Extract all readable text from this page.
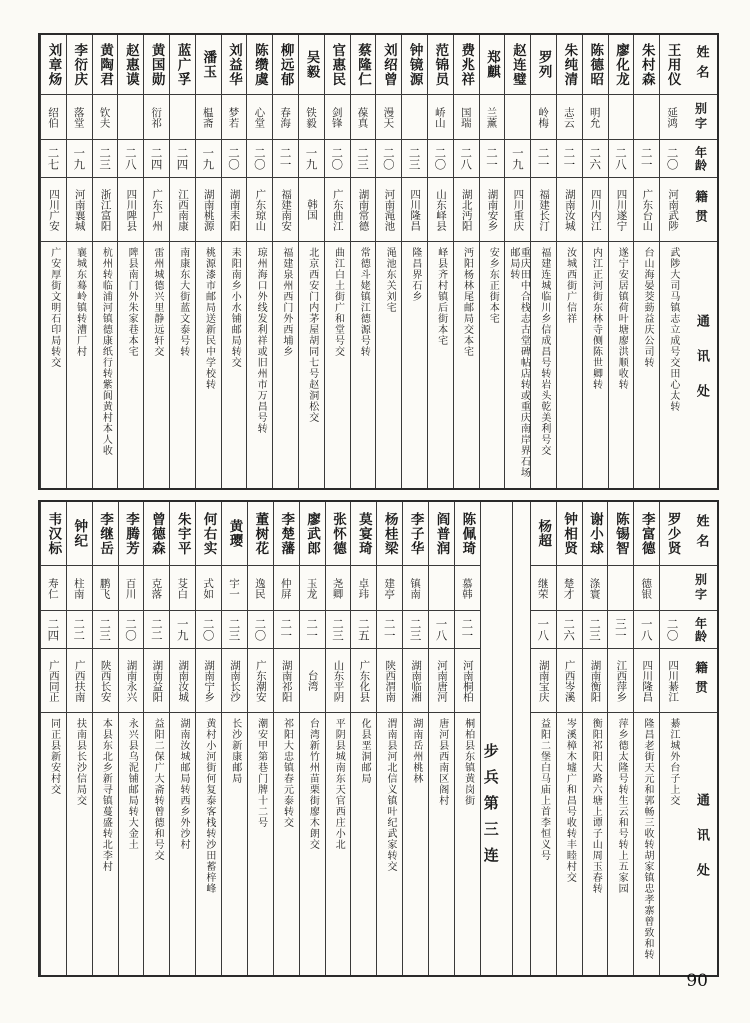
姓名
别字
年龄
籍贯
通讯处
王用仪
延鸿
二〇
河南武陟
武陟大司马镇志立成号交田心太转
朱村森
二一
广东台山
台山海晏茭葝益庆公司转
廖化龙
二八
四川遂宁
遂宁安居镇荷叶塘廖洪顺收转
陈德昭
明允
二六
四川内江
内江正河街东林寺侧陈世卿转
朱纯清
志云
二一
湖南汝城
汝城西街广信祥
罗列
岭梅
二一
福建长汀
福建连城临川乡信成昌号转岩头乾美利号交
赵连璧
一九
四川重庆
重庆田中合栈志古堂碑帖店转或重庆南岸界石场邮局转
郑麒
兰薰
二一
湖南安乡
安乡东正街本宅
费兆祥
国瑞
二八
湖北沔阳
沔阳杨林尾邮局交本宅
范锦员
峤山
二〇
山东峄县
峄县齐村镇后街本宅
钟镜源
二三
四川隆昌
隆昌界石乡
刘绍曾
漫天
二〇
河南渑池
渑池东关刘宅
蔡隆仁
葆真
二三
湖南常德
常德斗姥镇江德源号转
官惠民
剑锋
二〇
广东曲江
曲江白土街广和堂号交
吴毅
铁毅
一九
韩国
北京西安门内茅屋胡同七号赵洞松交
柳远郁
春海
二一
福建南安
福建泉州西门外西埔乡
陈缵虞
心堂
二〇
广东琼山
琼州海口外线发利祥或旧州市万昌号转
刘益华
梦若
二〇
湖南耒阳
耒阳南乡小水铺邮局转交
潘玉
榅斋
一九
湖南桃源
桃源漆市邮局送新民中学校转
蓝广孚
二四
江西南康
南康东大街蓝文泰号转
黄国勋
衍祁
二四
广东广州
雷州城德兴里静远轩交
赵惠谟
二八
四川陴县
陴县南门外朱家巷本宅
黄陶君
钦夫
二三
浙江富阳
杭州转临浦河镇德康纸行转紫阆黄村本人收
李衍庆
落堂
一九
河南襄城
襄城东蓦岭镇转漕厂村
刘章炀
绍伯
二七
四川广安
广安厚街文明石印局转交
姓名
别字
年龄
籍贯
通讯处
罗少贤
二〇
四川綦江
綦江城外台子上交
李富德
德银
一八
四川隆昌
隆昌老街天元和郭畅三收转胡家镇忠孝寨曾致和转
陈锡智
三一
江西萍乡
萍乡德太隆号转生云和号转上五家园
谢小球
涤寰
二三
湖南衡阳
衡阳祁阳大路六塘上谭子山周玉春转
钟相贤
楚才
二六
广西岑溪
岑溪樟木墟广和昌号收转丰睦村交
杨超
继荣
一八
湖南宝庆
益阳二堡白马庙上首李恒义号
步兵第三连
陈佩琦
慕韩
二一
河南桐柏
桐柏县东镇黄岗街
阎普润
一八
河南唐河
唐河县西南区阁村
李子华
镇南
二三
湖南临湘
湖南岳州桃林
杨桂梁
建亭
二一
陕西渭南
渭南县河北信义镇叶纪武家转交
莫宴琦
卓玮
二五
广东化县
化县垩洞邮局
张怀德
尧卿
二三
山东平阴
平阴县城南东天官西庄小北
廖武郎
玉龙
二一
台湾
台湾新竹州苗栗街廖木朗交
李楚藩
仲屏
二一
湖南祁阳
祁阳大忠镇春元泰转交
董树花
逸民
二〇
广东潮安
潮安甲第巷门牌十二号
黄璎
宇一
二三
湖南长沙
长沙新康邮局
何右实
式如
二〇
湖南宁乡
黄村小河街何复泰客栈转沙田蓄梓峰
朱宇平
芟白
一九
湖南汝城
湖南汝城邮局转西乡外沙村
曾德森
克落
二二
湖南益阳
益阳二保广大斋转曾德和号交
李腾芳
百川
二〇
湖南永兴
永兴县乌泥铺邮局转大金土
李继岳
鹏飞
二三
陕西长安
本县东北乡新寻镇蔓盛转北李村
钟纪
柱南
二二
广西扶南
扶南县长沙信局交
韦汉标
寿仁
二四
广西同正
同正县新安村交
90
